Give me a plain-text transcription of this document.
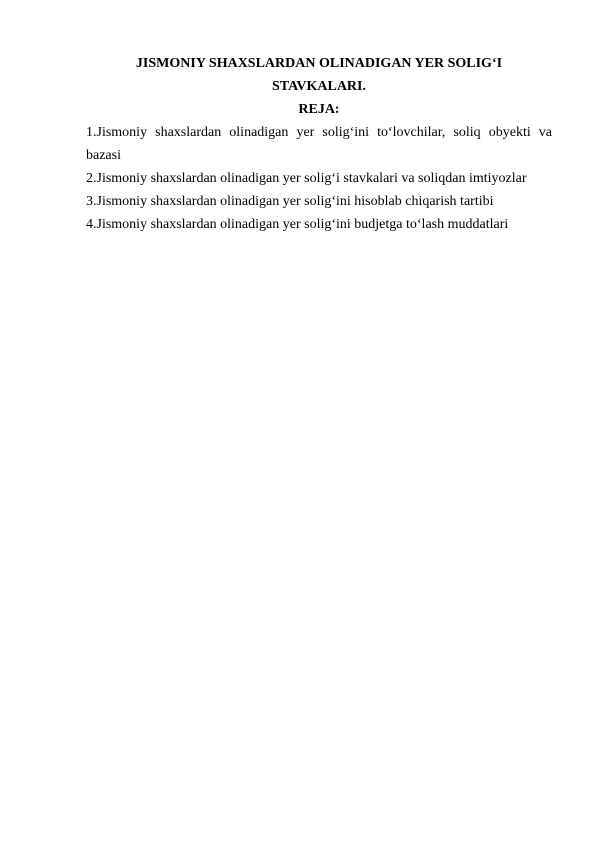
JISMONIY SHAXSLARDAN OLINADIGAN YER SOLIG‘I

STAVKALARI.

REJA:

1.Jismoniy shaxslardan olinadigan yer solig‘ini to‘lovchilar, soliq obyekti va bazasi
2.Jismoniy shaxslardan olinadigan yer solig‘i stavkalari va soliqdan imtiyozlar
3.Jismoniy shaxslardan olinadigan yer solig‘ini hisoblab chiqarish tartibi
4.Jismoniy shaxslardan olinadigan yer solig‘ini budjetga to‘lash muddatlari
